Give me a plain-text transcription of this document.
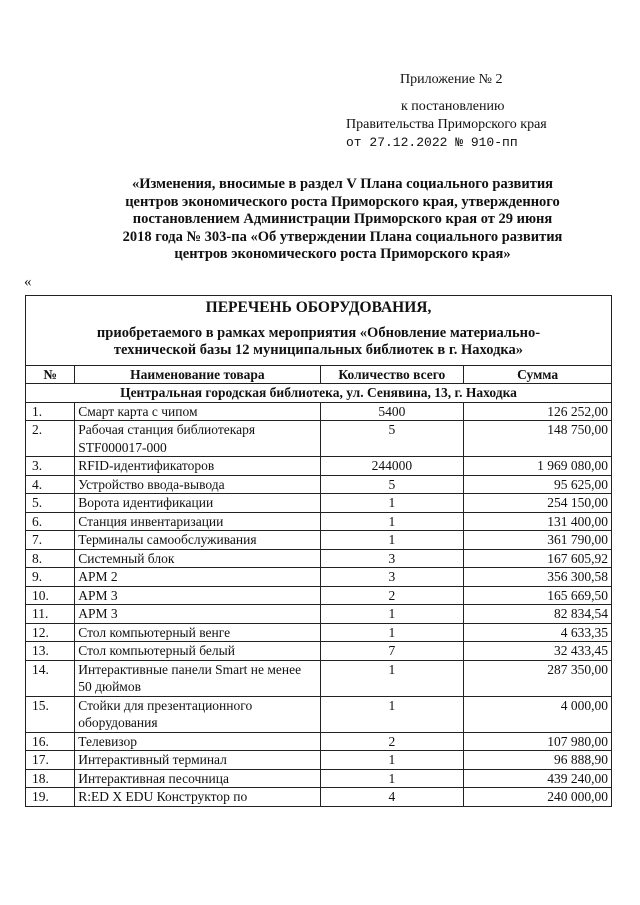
Приложение № 2
к постановлению
Правительства Приморского края
от 27.12.2022 № 910-пп
«Изменения, вносимые в раздел V Плана социального развития
центров экономического роста Приморского края, утвержденного
постановлением Администрации Приморского края от 29 июня
2018 года № 303-па «Об утверждении Плана социального развития
центров экономического роста Приморского края»
«
ПЕРЕЧЕНЬ ОБОРУДОВАНИЯ,
приобретаемого в рамках мероприятия «Обновление материально-
технической базы 12 муниципальных библиотек в г. Находка»			

№	Наименование товара	Количество всего	Сумма
Центральная городская библиотека, ул. Сенявина, 13, г. Находка			
1.	Смарт карта с чипом	5400	126 252,00
2.	Рабочая станция библиотекаря STF000017-000	5	148 750,00
3.	RFID-идентификаторов	244000	1 969 080,00
4.	Устройство ввода-вывода	5	95 625,00
5.	Ворота идентификации	1	254 150,00
6.	Станция инвентаризации	1	131 400,00
7.	Терминалы самообслуживания	1	361 790,00
8.	Системный блок	3	167 605,92
9.	АРМ 2	3	356 300,58
10.	АРМ 3	2	165 669,50
11.	АРМ 3	1	82 834,54
12.	Стол компьютерный венге	1	4 633,35
13.	Стол компьютерный белый	7	32 433,45
14.	Интерактивные панели Smart не менее 50 дюймов	1	287 350,00
15.	Стойки для презентационного оборудования	1	4 000,00
16.	Телевизор	2	107 980,00
17.	Интерактивный терминал	1	96 888,90
18.	Интерактивная песочница	1	439 240,00
19.	R:ED X EDU Конструктор по	4	240 000,00
